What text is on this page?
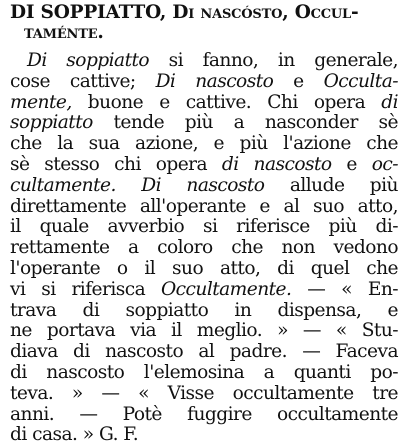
DI SOPPIATTO, Di nascósto, Occul-
taménte.
Di soppiatto si fanno, in generale,
cose cattive; Di nascosto e Occulta-
mente, buone e cattive. Chi opera di
soppiatto tende più a nasconder sè
che la sua azione, e più l'azione che
sè stesso chi opera di nascosto e oc-
cultamente. Di nascosto allude più
direttamente all'operante e al suo atto,
il quale avverbio si riferisce più di-
rettamente a coloro che non vedono
l'operante o il suo atto, di quel che
vi si riferisca Occultamente. — « En-
trava di soppiatto in dispensa, e
ne portava via il meglio. » — « Stu-
diava di nascosto al padre. — Faceva
di nascosto l'elemosina a quanti po-
teva. » — « Visse occultamente tre
anni. — Potè fuggire occultamente
di casa. » G. F.
